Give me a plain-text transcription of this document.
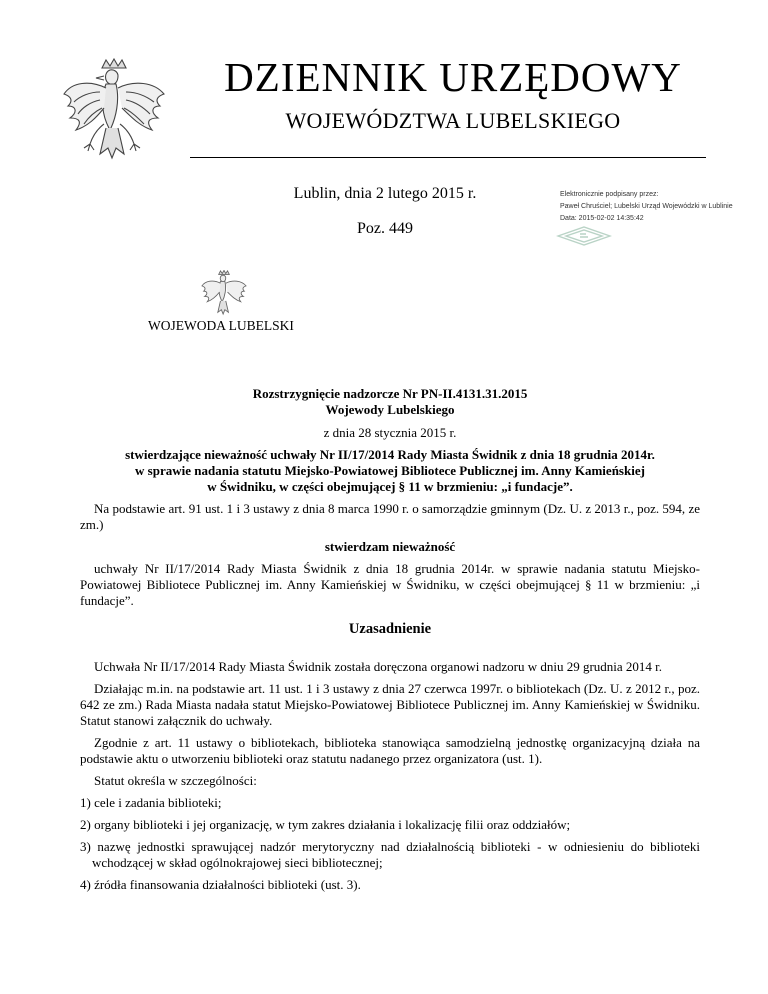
DZIENNIK URZĘDOWY
WOJEWÓDZTWA LUBELSKIEGO
Lublin, dnia 2 lutego 2015 r.
Poz. 449
Elektronicznie podpisany przez:
Paweł Chruściel; Lubelski Urząd Wojewódzki w Lublinie
Data: 2015-02-02 14:35:42
WOJEWODA LUBELSKI

Rozstrzygnięcie nadzorcze Nr PN-II.4131.31.2015

Wojewody Lubelskiego

z dnia 28 stycznia 2015 r.

stwierdzające nieważność uchwały Nr II/17/2014 Rady Miasta Świdnik z dnia 18 grudnia 2014r.

w sprawie nadania statutu Miejsko-Powiatowej Bibliotece Publicznej im. Anny Kamieńskiej

w Świdniku, w części obejmującej § 11 w brzmieniu: „i fundacje”.

Na podstawie art. 91 ust. 1 i 3 ustawy z dnia 8 marca 1990 r. o samorządzie gminnym (Dz. U. z 2013 r., poz. 594, ze zm.)

stwierdzam nieważność

uchwały Nr II/17/2014 Rady Miasta Świdnik z dnia 18 grudnia 2014r. w sprawie nadania statutu Miejsko-Powiatowej Bibliotece Publicznej im. Anny Kamieńskiej w Świdniku, w części obejmującej § 11 w brzmieniu: „i fundacje”.

Uzasadnienie

Uchwała Nr II/17/2014 Rady Miasta Świdnik została doręczona organowi nadzoru w dniu 29 grudnia 2014 r.

Działając m.in. na podstawie art. 11 ust. 1 i 3 ustawy z dnia 27 czerwca 1997r. o bibliotekach (Dz. U. z 2012 r., poz. 642 ze zm.) Rada Miasta nadała statut Miejsko-Powiatowej Bibliotece Publicznej im. Anny Kamieńskiej w Świdniku. Statut stanowi załącznik do uchwały.

Zgodnie z art. 11 ustawy o bibliotekach, biblioteka stanowiąca samodzielną jednostkę organizacyjną działa na podstawie aktu o utworzeniu biblioteki oraz statutu nadanego przez organizatora (ust. 1).

Statut określa w szczególności:

1) cele i zadania biblioteki;

2) organy biblioteki i jej organizację, w tym zakres działania i lokalizację filii oraz oddziałów;

3) nazwę jednostki sprawującej nadzór merytoryczny nad działalnością biblioteki - w odniesieniu do biblioteki wchodzącej w skład ogólnokrajowej sieci bibliotecznej;

4) źródła finansowania działalności biblioteki (ust. 3).
